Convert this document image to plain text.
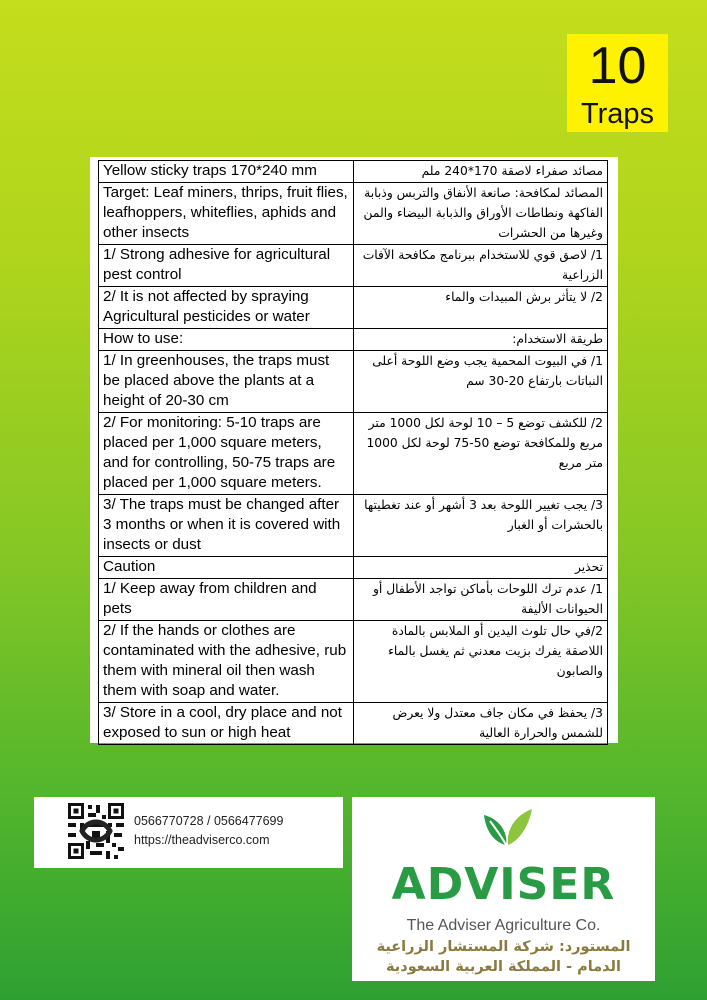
10
Traps
Yellow sticky traps 170*240 mm	مصائد صفراء لاصقة 170*240 ملم
Target: Leaf miners, thrips, fruit flies, leafhoppers, whiteflies, aphids and other insects	المصائد لمكافحة: صانعة الأنفاق والتربس وذبابة الفاكهة ونطاطات الأوراق والذبابة البيضاء والمن وغيرها من الحشرات
1/ Strong adhesive for agricultural pest control	1/ لاصق قوي للاستخدام ببرنامج مكافحة الآفات الزراعية
2/ It is not affected by spraying Agricultural pesticides or water	2/ لا يتأثر برش المبيدات والماء
How to use:	طريقة الاستخدام:
1/ In greenhouses, the traps must be placed above the plants at a height of 20-30 cm	1/ في البيوت المحمية يجب وضع اللوحة أعلى النباتات بارتفاع 20-30 سم
2/ For monitoring: 5-10 traps are placed per 1,000 square meters, and for controlling, 50-75 traps are placed per 1,000 square meters.	2/ للكشف توضع 5 – 10 لوحة لكل 1000 متر مربع وللمكافحة توضع 50-75 لوحة لكل 1000 متر مربع
3/ The traps must be changed after 3 months or when it is covered with insects or dust	3/ يجب تغيير اللوحة بعد 3 أشهر أو عند تغطيتها بالحشرات أو الغبار
Caution	تحذير
1/ Keep away from children and pets	1/ عدم ترك اللوحات بأماكن تواجد الأطفال أو الحيوانات الأليفة
2/ If the hands or clothes are contaminated with the adhesive, rub them with mineral oil then wash them with soap and water.	2/في حال تلوث اليدين أو الملابس بالمادة اللاصقة يفرك بزيت معدني ثم يغسل بالماء والصابون
3/ Store in a cool, dry place and not exposed to sun or high heat	3/ يحفظ في مكان جاف معتدل ولا يعرض للشمس والحرارة العالية
0566770728 / 0566477699
https://theadviserco.com
ADVISER
The Adviser Agriculture Co.
المستورد: شركة المستشار الزراعية
الدمام - المملكة العربية السعودية
